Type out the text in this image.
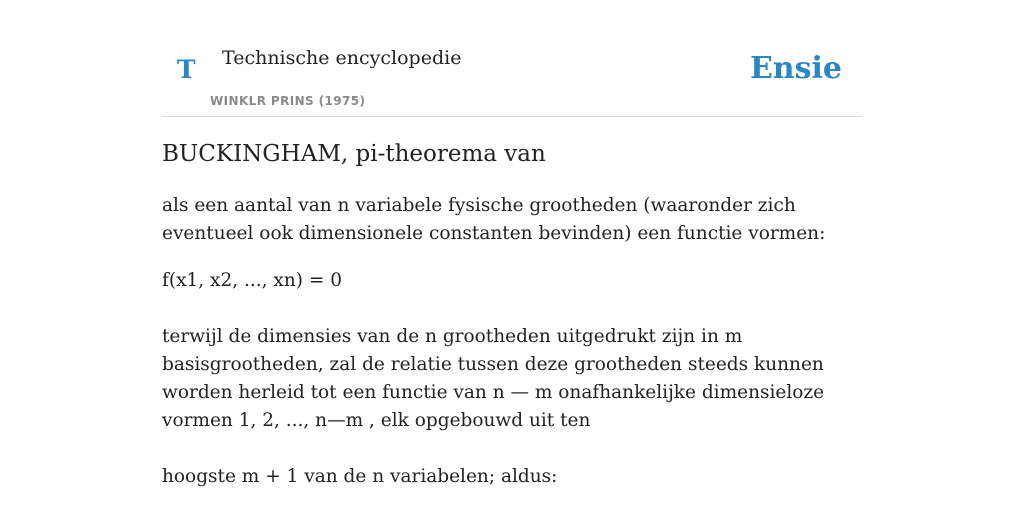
T Technische encyclopedie
WINKLR PRINS (1975)
Ensie
BUCKINGHAM, pi-theorema van

als een aantal van n variabele fysische grootheden (waaronder zich eventueel ook dimensionele constanten bevinden) een functie vormen:

f(x1, x2, ..., xn) = 0

terwijl de dimensies van de n grootheden uitgedrukt zijn in m basisgrootheden, zal de relatie tussen deze grootheden steeds kunnen worden herleid tot een functie van n — m onafhankelijke dimensieloze vormen 1, 2, ..., n—m , elk opgebouwd uit ten

hoogste m + 1 van de n variabelen; aldus:
